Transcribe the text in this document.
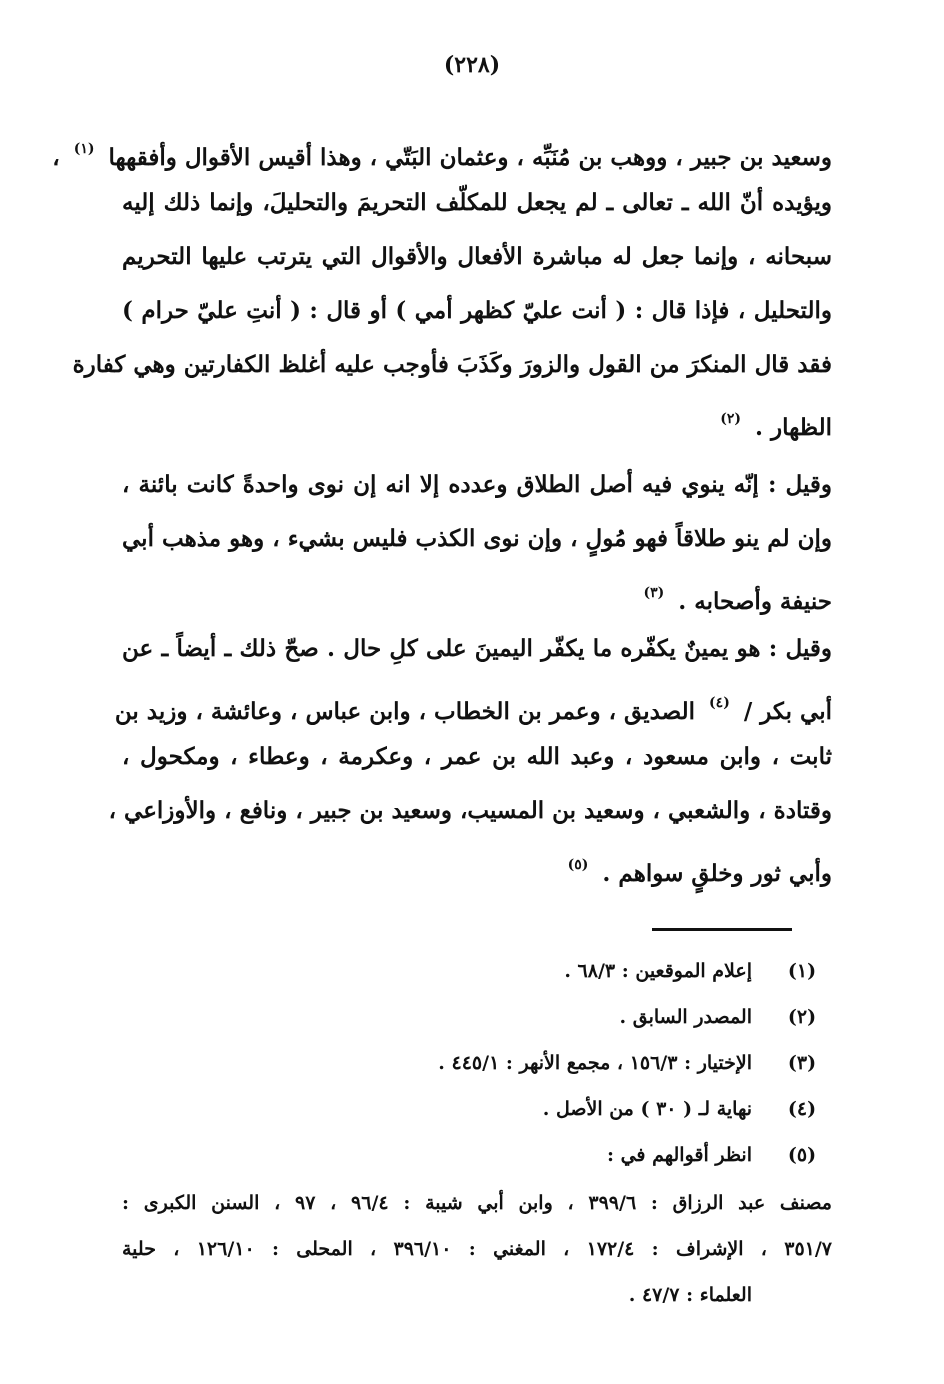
(٢٢٨)
وسعيد بن جبير ، ووهب بن مُنَبِّه ، وعثمان البَتّي ، وهذا أقيس الأقوال وأفقهها $^{(١)}$ ،
ويؤيده أنّ الله ـ تعالى ـ لم يجعل للمكلّف التحريمَ والتحليلَ، وإنما ذلك إليه
سبحانه ، وإنما جعل له مباشرة الأفعال والأقوال التي يترتب عليها التحريم
والتحليل ، فإذا قال : ( أنت عليّ كظهر أمي ) أو قال : ( أنتِ عليّ حرام )
فقد قال المنكرَ من القول والزورَ وكَذَبَ فأوجب عليه أغلظ الكفارتين وهي كفارة
الظهار . $^{(٢)}$
وقيل : إنّه ينوي فيه أصل الطلاق وعدده إلا انه إن نوى واحدةً كانت بائنة ،
وإن لم ينو طلاقاً فهو مُولٍ ، وإن نوى الكذب فليس بشيء ، وهو مذهب أبي
حنيفة وأصحابه . $^{(٣)}$
وقيل : هو يمينٌ يكفّره ما يكفّر اليمينَ على كلِ حال . صحّ ذلك ـ أيضاً ـ عن
أبي بكر / $^{(٤)}$ الصديق ، وعمر بن الخطاب ، وابن عباس ، وعائشة ، وزيد بن
ثابت ، وابن مسعود ، وعبد الله بن عمر ، وعكرمة ، وعطاء ، ومكحول ،
وقتادة ، والشعبي ، وسعيد بن المسيب، وسعيد بن جبير ، ونافع ، والأوزاعي ،
وأبي ثور وخلقٍ سواهم . $^{(٥)}$
(١)
إعلام الموقعين : ٦٨/٣ .
(٢)
المصدر السابق .
(٣)
الإختيار : ١٥٦/٣ ، مجمع الأنهر : ٤٤٥/١ .
(٤)
نهاية لـ ( ٣٠ ) من الأصل .
(٥)
انظر أقوالهم في :
مصنف عبد الرزاق : ٣٩٩/٦ ، وابن أبي شيبة : ٩٦/٤ ، ٩٧ ، السنن الكبرى :
٣٥١/٧ ، الإشراف : ١٧٢/٤ ، المغني : ٣٩٦/١٠ ، المحلى : ١٢٦/١٠ ، حلية
العلماء : ٤٧/٧ .
